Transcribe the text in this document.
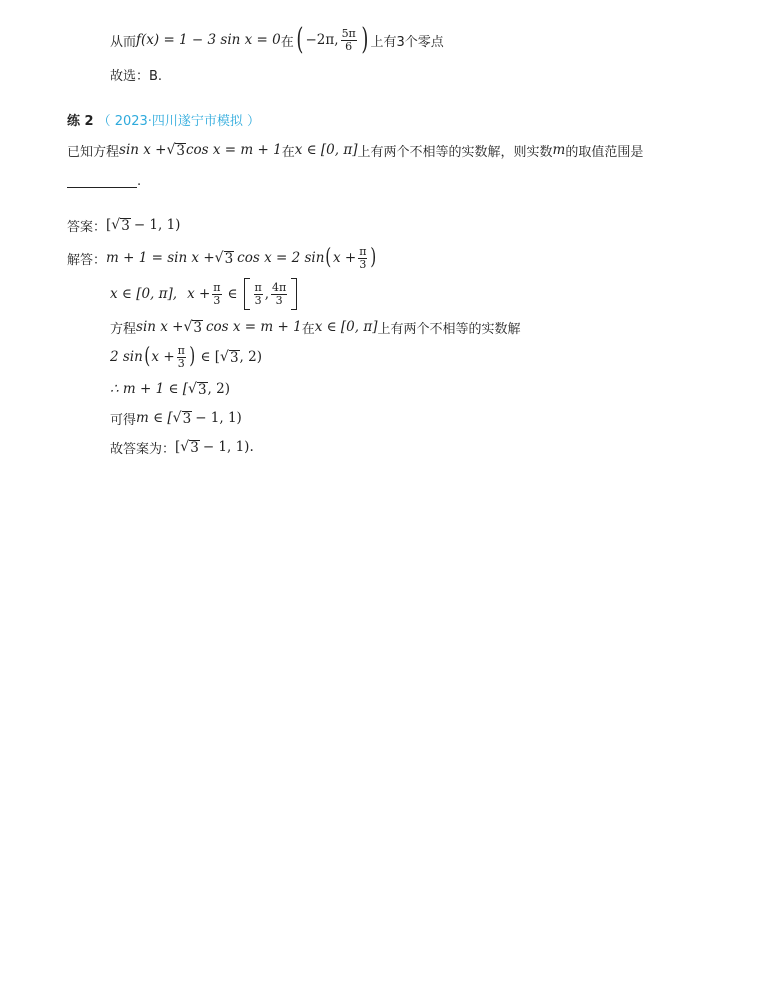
从而 f(x) = 1 − 3 sin x = 0 在 ( −2π, $\frac{5\pi}{6}$ ) 上有3个零点
故选：B.
练 2 （ 2023·四川遂宁市模拟 ）
已知方程 sin x + √ 3 cos x = m + 1 在 x ∈ [0, π] 上有两个不相等的实数解，则实数 m 的取值范围是
.
答案： [ √ 3 − 1, 1)
解答： m + 1 = sin x + √ 3 cos x = 2 sin ( $x + \frac{\pi}{3}$ )
x ∈ [0, π], $x + \frac{\pi}{3}$ ∈ $\frac{\pi}{3}$ , $\frac{4\pi}{3}$
方程 sin x + √ 3 cos x = m + 1 在 x ∈ [0, π] 上有两个不相等的实数解
2 sin ( $x + \frac{\pi}{3}$ ) ∈ [ √ 3 , 2)
∴ m + 1 ∈ [ √ 3 , 2)
可得 m ∈ [ √ 3 − 1, 1)
故答案为： [ √ 3 − 1, 1).
